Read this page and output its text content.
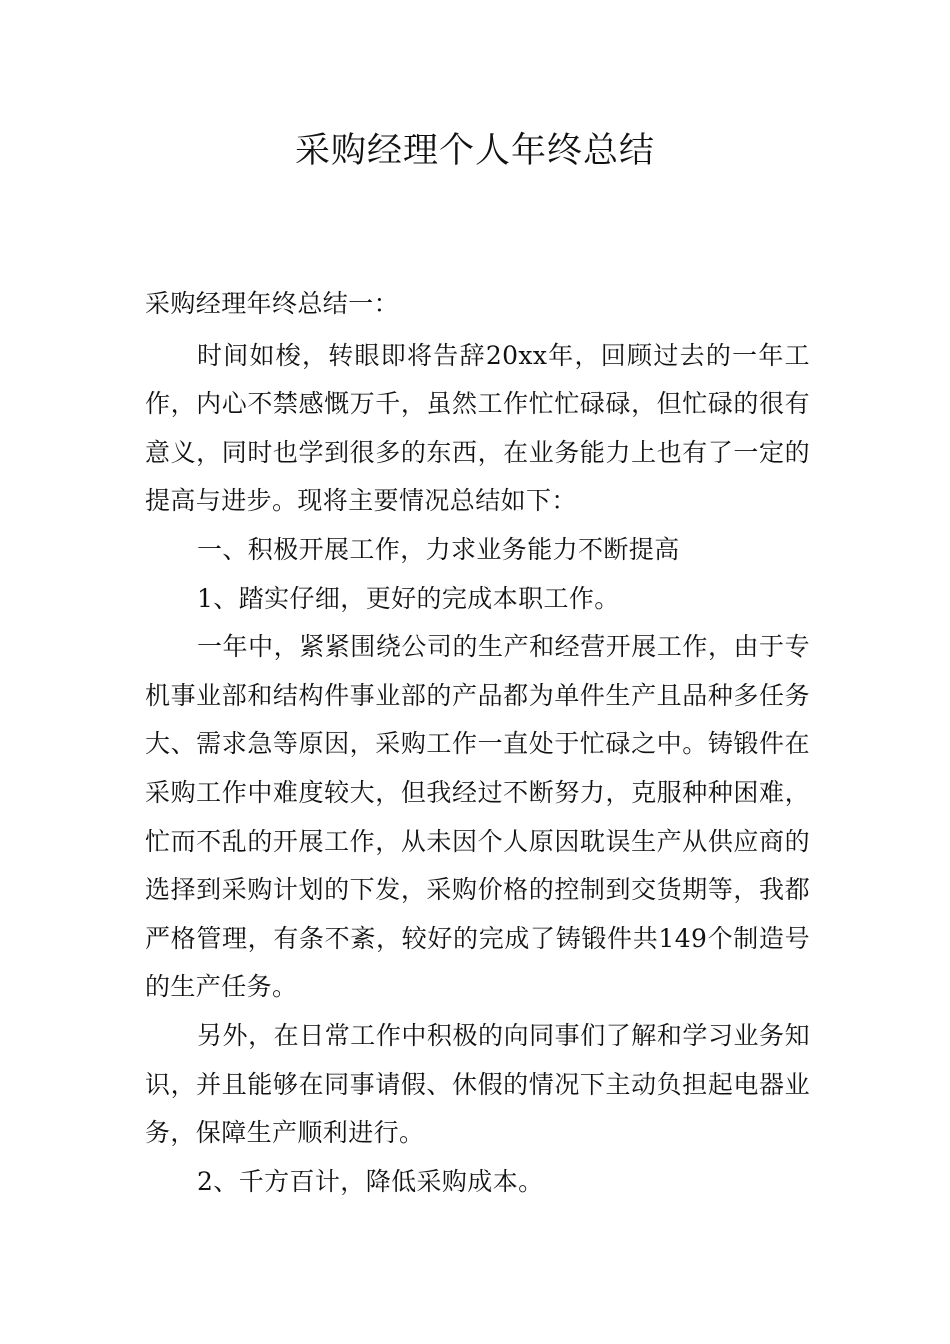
采购经理个人年终总结

采购经理年终总结一：

时间如梭，转眼即将告辞20xx年，回顾过去的一年工作，内心不禁感慨万千，虽然工作忙忙碌碌，但忙碌的很有意义，同时也学到很多的东西，在业务能力上也有了一定的提高与进步。现将主要情况总结如下：

一、积极开展工作，力求业务能力不断提高

1、踏实仔细，更好的完成本职工作。

一年中，紧紧围绕公司的生产和经营开展工作，由于专机事业部和结构件事业部的产品都为单件生产且品种多任务大、需求急等原因，采购工作一直处于忙碌之中。铸锻件在采购工作中难度较大，但我经过不断努力，克服种种困难，忙而不乱的开展工作，从未因个人原因耽误生产从供应商的选择到采购计划的下发，采购价格的控制到交货期等，我都严格管理，有条不紊，较好的完成了铸锻件共149个制造号的生产任务。

另外，在日常工作中积极的向同事们了解和学习业务知识，并且能够在同事请假、休假的情况下主动负担起电器业务，保障生产顺利进行。

2、千方百计，降低采购成本。
